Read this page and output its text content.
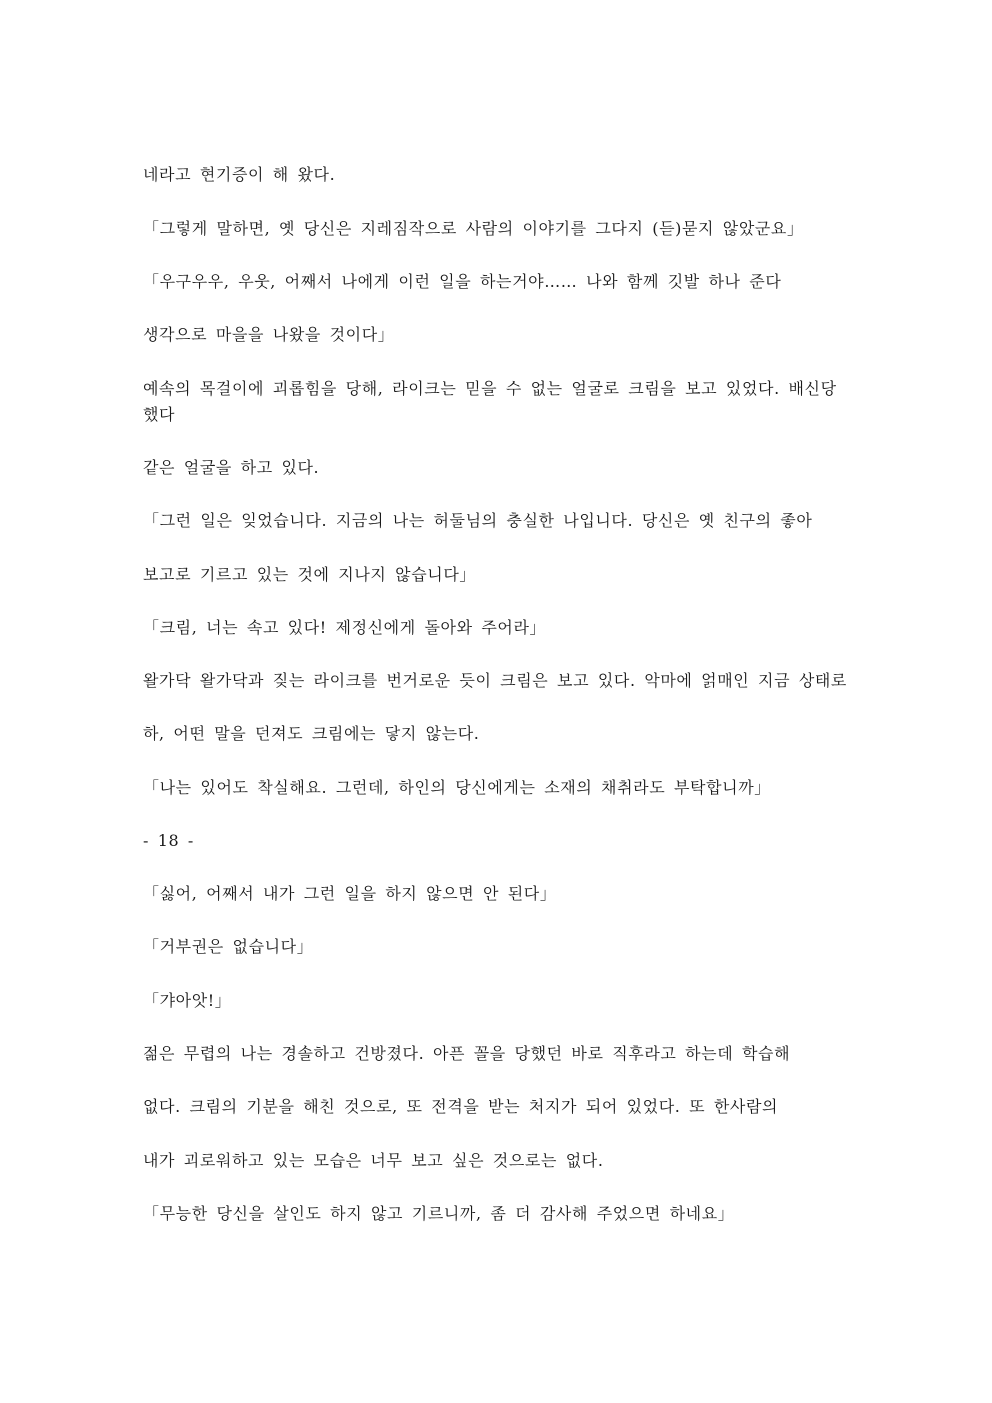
네라고 현기증이 해 왔다.
「그렇게 말하면, 옛 당신은 지레짐작으로 사람의 이야기를 그다지 (듣)묻지 않았군요」
「우구우우, 우웃, 어째서 나에게 이런 일을 하는거야…… 나와 함께 깃발 하나 준다
생각으로 마을을 나왔을 것이다」
예속의 목걸이에 괴롭힘을 당해, 라이크는 믿을 수 없는 얼굴로 크림을 보고 있었다. 배신당
했다
같은 얼굴을 하고 있다.
「그런 일은 잊었습니다. 지금의 나는 허둘님의 충실한 나입니다. 당신은 옛 친구의 좋아
보고로 기르고 있는 것에 지나지 않습니다」
「크림, 너는 속고 있다! 제정신에게 돌아와 주어라」
왈가닥 왈가닥과 짖는 라이크를 번거로운 듯이 크림은 보고 있다. 악마에 얽매인 지금 상태로
하, 어떤 말을 던져도 크림에는 닿지 않는다.
「나는 있어도 착실해요. 그런데, 하인의 당신에게는 소재의 채취라도 부탁합니까」
- 18 -
「싫어, 어째서 내가 그런 일을 하지 않으면 안 된다」
「거부권은 없습니다」
「갸아앗!」
젊은 무렵의 나는 경솔하고 건방졌다. 아픈 꼴을 당했던 바로 직후라고 하는데 학습해
없다. 크림의 기분을 해친 것으로, 또 전격을 받는 처지가 되어 있었다. 또 한사람의
내가 괴로워하고 있는 모습은 너무 보고 싶은 것으로는 없다.
「무능한 당신을 살인도 하지 않고 기르니까, 좀 더 감사해 주었으면 하네요」
